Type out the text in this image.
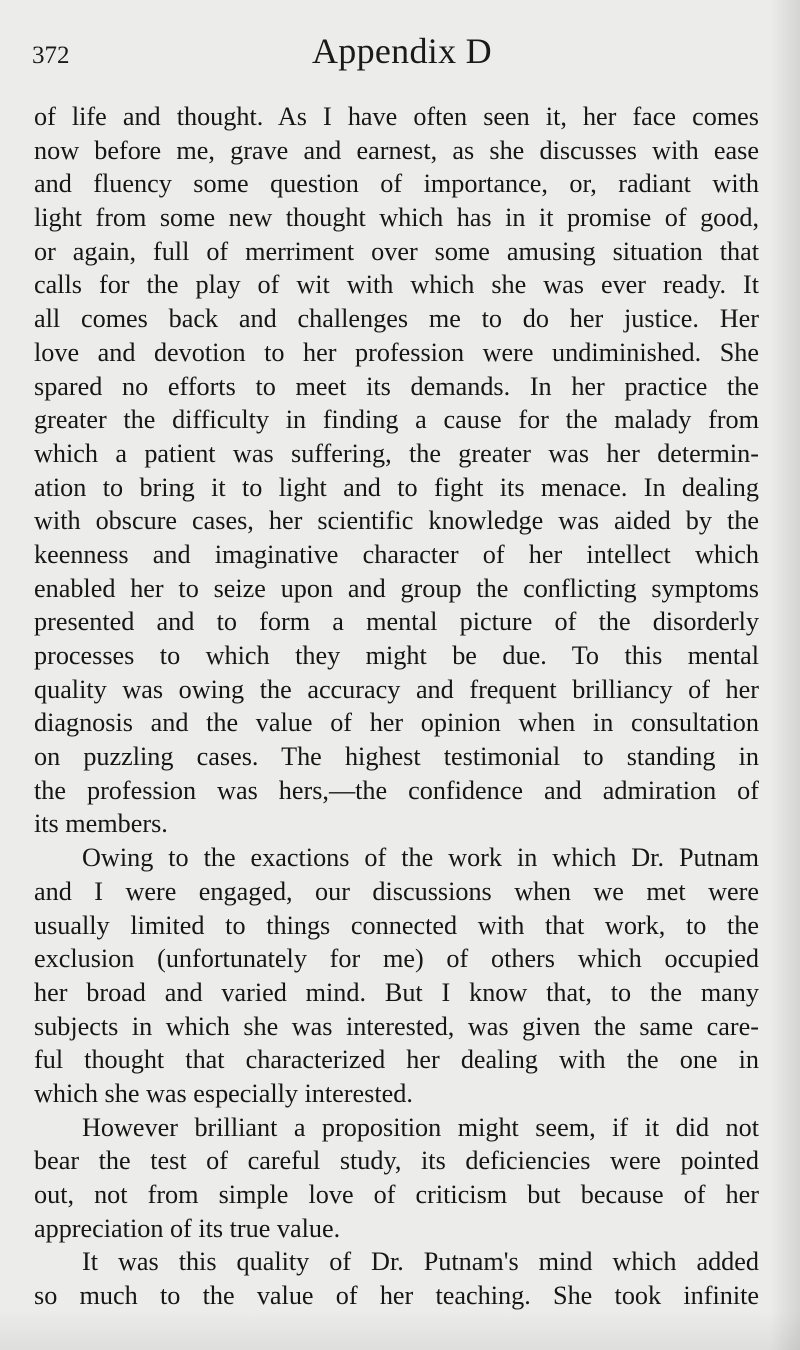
372	Appendix D
of life and thought. As I have often seen it, her face comes
now before me, grave and earnest, as she discusses with ease
and fluency some question of importance, or, radiant with
light from some new thought which has in it promise of good,
or again, full of merriment over some amusing situation that
calls for the play of wit with which she was ever ready. It
all comes back and challenges me to do her justice. Her
love and devotion to her profession were undiminished. She
spared no efforts to meet its demands. In her practice the
greater the difficulty in finding a cause for the malady from
which a patient was suffering, the greater was her determin-
ation to bring it to light and to fight its menace. In dealing
with obscure cases, her scientific knowledge was aided by the
keenness and imaginative character of her intellect which
enabled her to seize upon and group the conflicting symptoms
presented and to form a mental picture of the disorderly
processes to which they might be due. To this mental
quality was owing the accuracy and frequent brilliancy of her
diagnosis and the value of her opinion when in consultation
on puzzling cases. The highest testimonial to standing in
the profession was hers,—the confidence and admiration of
its members.
Owing to the exactions of the work in which Dr. Putnam
and I were engaged, our discussions when we met were
usually limited to things connected with that work, to the
exclusion (unfortunately for me) of others which occupied
her broad and varied mind. But I know that, to the many
subjects in which she was interested, was given the same care-
ful thought that characterized her dealing with the one in
which she was especially interested.
However brilliant a proposition might seem, if it did not
bear the test of careful study, its deficiencies were pointed
out, not from simple love of criticism but because of her
appreciation of its true value.
It was this quality of Dr. Putnam's mind which added
so much to the value of her teaching. She took infinite
